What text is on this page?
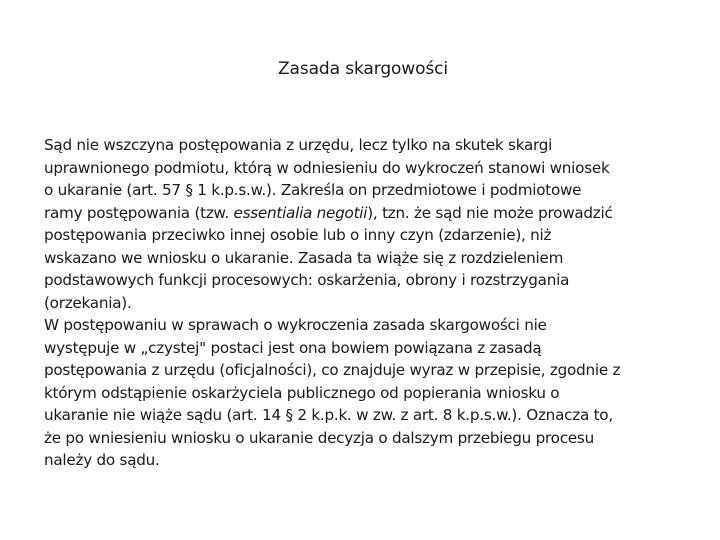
Zasada skargowości
Sąd nie wszczyna postępowania z urzędu, lecz tylko na skutek skargi
uprawnionego podmiotu, którą w odniesieniu do wykroczeń stanowi wniosek
o ukaranie (art. 57 § 1 k.p.s.w.). Zakreśla on przedmiotowe i podmiotowe
ramy postępowania (tzw. essentialia negotii), tzn. że sąd nie może prowadzić
postępowania przeciwko innej osobie lub o inny czyn (zdarzenie), niż
wskazano we wniosku o ukaranie. Zasada ta wiąże się z rozdzieleniem
podstawowych funkcji procesowych: oskarżenia, obrony i rozstrzygania
(orzekania).
W postępowaniu w sprawach o wykroczenia zasada skargowości nie
występuje w „czystej" postaci jest ona bowiem powiązana z zasadą
postępowania z urzędu (oficjalności), co znajduje wyraz w przepisie, zgodnie z
którym odstąpienie oskarżyciela publicznego od popierania wniosku o
ukaranie nie wiąże sądu (art. 14 § 2 k.p.k. w zw. z art. 8 k.p.s.w.). Oznacza to,
że po wniesieniu wniosku o ukaranie decyzja o dalszym przebiegu procesu
należy do sądu.
